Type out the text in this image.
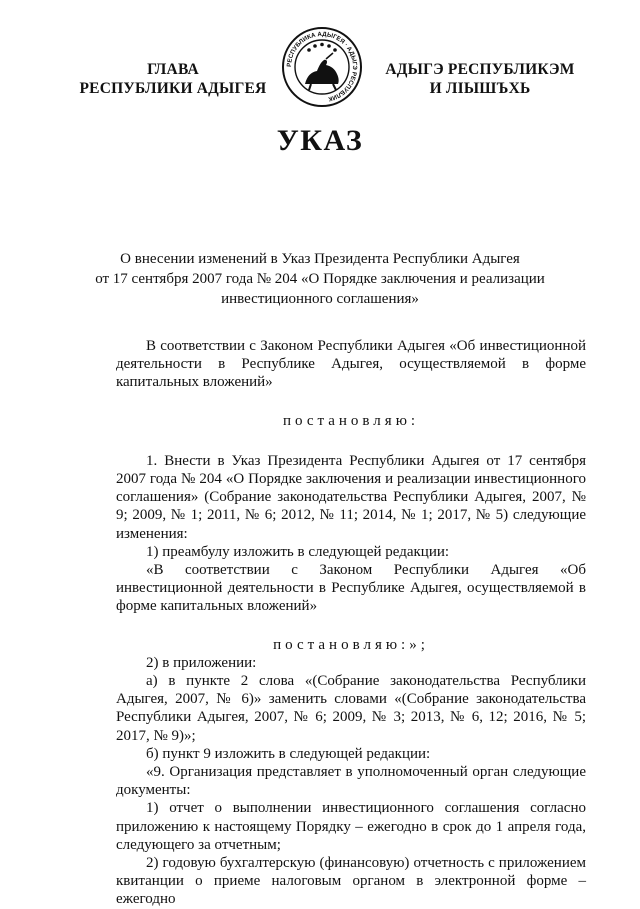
ГЛАВА
РЕСПУБЛИКИ АДЫГЕЯ
РЕСПУБЛИКА АДЫГЕЯ · АДЫГЭ РЕСПУБЛИК
АДЫГЭ РЕСПУБЛИКЭМ
И ЛІЫШЪХЬ
УКАЗ
О внесении изменений в Указ Президента Республики Адыгея
от 17 сентября 2007 года № 204 «О Порядке заключения и реализации
инвестиционного соглашения»

В соответствии с Законом Республики Адыгея «Об инвестиционной деятельности в Республике Адыгея, осуществляемой в форме капитальных вложений»

постановляю:

1. Внести в Указ Президента Республики Адыгея от 17 сентября 2007 года № 204 «О Порядке заключения и реализации инвестиционного соглашения» (Собрание законодательства Республики Адыгея, 2007, № 9; 2009, № 1; 2011, № 6; 2012, № 11; 2014, № 1; 2017, № 5) следующие изменения:

1) преамбулу изложить в следующей редакции:

«В соответствии с Законом Республики Адыгея «Об инвестиционной деятельности в Республике Адыгея, осуществляемой в форме капитальных вложений»

постановляю:»;

2) в приложении:

а) в пункте 2 слова «(Собрание законодательства Республики Адыгея, 2007, № 6)» заменить словами «(Собрание законодательства Республики Адыгея, 2007, № 6; 2009, № 3; 2013, № 6, 12; 2016, № 5; 2017, № 9)»;

б) пункт 9 изложить в следующей редакции:

«9. Организация представляет в уполномоченный орган следующие документы:

1) отчет о выполнении инвестиционного соглашения согласно приложению к настоящему Порядку – ежегодно в срок до 1 апреля года, следующего за отчетным;

2) годовую бухгалтерскую (финансовую) отчетность с приложением квитанции о приеме налоговым органом в электронной форме – ежегодно
